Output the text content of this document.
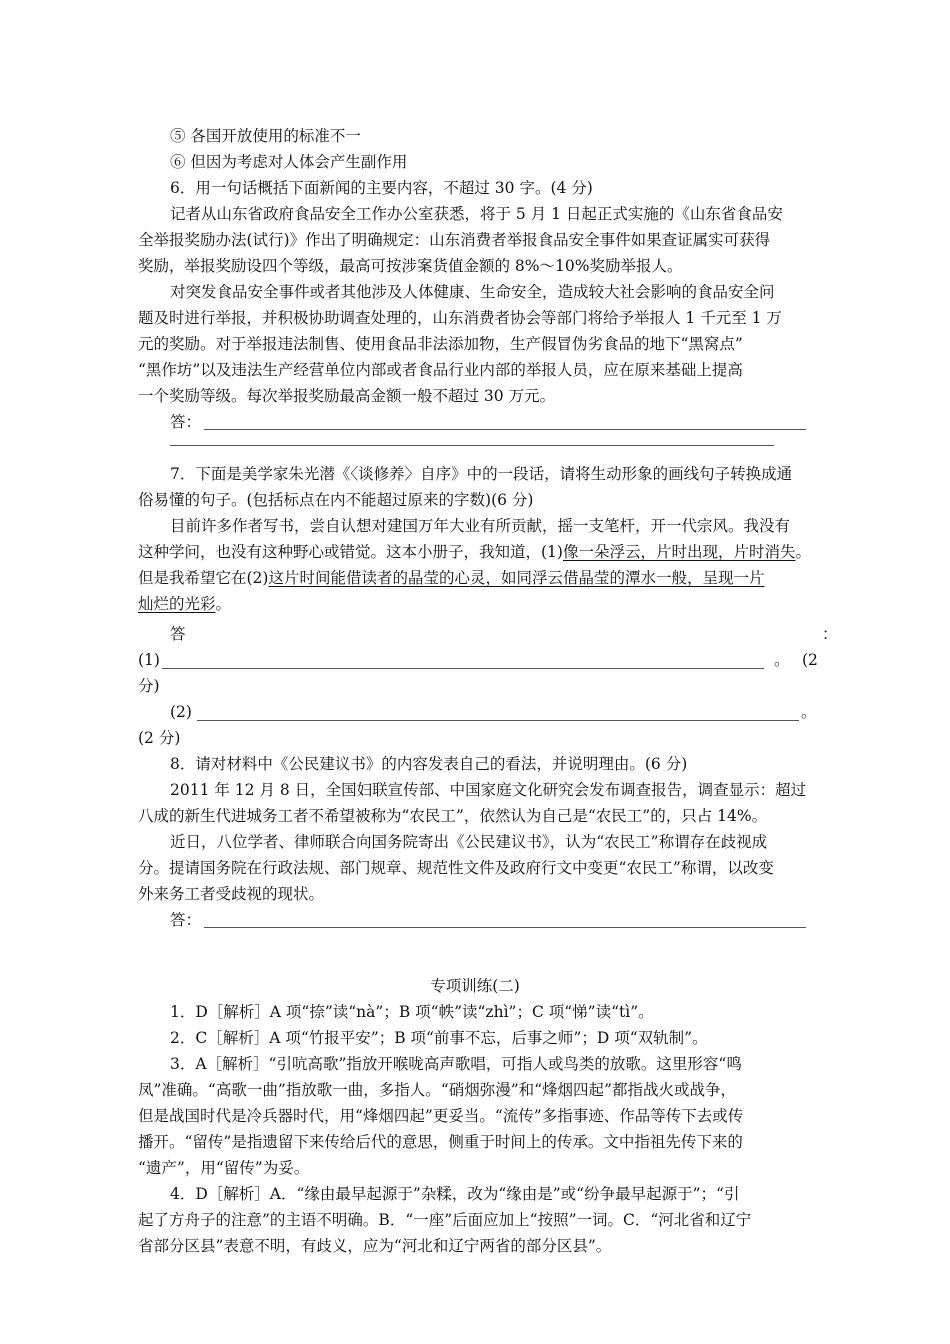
⑤ 各国开放使用的标准不一
⑥ 但因为考虑对人体会产生副作用
6．用一句话概括下面新闻的主要内容，不超过 30 字。(4 分)
记者从山东省政府食品安全工作办公室获悉，将于 5 月 1 日起正式实施的《山东省食品安
全举报奖励办法(试行)》作出了明确规定：山东消费者举报食品安全事件如果查证属实可获得
奖励，举报奖励设四个等级，最高可按涉案货值金额的 8%～10%奖励举报人。
对突发食品安全事件或者其他涉及人体健康、生命安全，造成较大社会影响的食品安全问
题及时进行举报，并积极协助调查处理的，山东消费者协会等部门将给予举报人 1 千元至 1 万
元的奖励。对于举报违法制售、使用食品非法添加物，生产假冒伪劣食品的地下“黑窝点”
“黑作坊”以及违法生产经营单位内部或者食品行业内部的举报人员，应在原来基础上提高
一个奖励等级。每次举报奖励最高金额一般不超过 30 万元。
答：
7．下面是美学家朱光潜《〈谈修养〉自序》中的一段话，请将生动形象的画线句子转换成通
俗易懂的句子。(包括标点在内不能超过原来的字数)(6 分)
目前许多作者写书，尝自认想对建国万年大业有所贡献，摇一支笔杆，开一代宗风。我没有
这种学问，也没有这种野心或错觉。这本小册子，我知道，(1)像一朵浮云，片时出现，片时消失。
但是我希望它在(2)这片时间能借读者的晶莹的心灵，如同浮云借晶莹的潭水一般，呈现一片
灿烂的光彩。
答	：
(1)	。 (2
分)
(2)	。
(2 分)
8．请对材料中《公民建议书》的内容发表自己的看法，并说明理由。(6 分)
2011 年 12 月 8 日，全国妇联宣传部、中国家庭文化研究会发布调查报告，调查显示：超过
八成的新生代进城务工者不希望被称为“农民工”，依然认为自己是“农民工”的，只占 14%。
近日，八位学者、律师联合向国务院寄出《公民建议书》，认为“农民工”称谓存在歧视成
分。提请国务院在行政法规、部门规章、规范性文件及政府行文中变更“农民工”称谓，以改变
外来务工者受歧视的现状。
答：
专项训练(二)
1．D［解析］A 项“捺”读“nà”；B 项“帙”读“zhì”；C 项“悌”读“tì”。
2．C［解析］A 项“竹报平安”；B 项“前事不忘，后事之师”；D 项“双轨制”。
3．A［解析］“引吭高歌”指放开喉咙高声歌唱，可指人或鸟类的放歌。这里形容“鸣
凤”准确。“高歌一曲”指放歌一曲，多指人。“硝烟弥漫”和“烽烟四起”都指战火或战争，
但是战国时代是冷兵器时代，用“烽烟四起”更妥当。“流传”多指事迹、作品等传下去或传
播开。“留传”是指遗留下来传给后代的意思，侧重于时间上的传承。文中指祖先传下来的
“遗产”，用“留传”为妥。
4．D［解析］A．“缘由最早起源于”杂糅，改为“缘由是”或“纷争最早起源于”；“引
起了方舟子的注意”的主语不明确。B．“一座”后面应加上“按照”一词。C．“河北省和辽宁
省部分区县”表意不明，有歧义，应为“河北和辽宁两省的部分区县”。
